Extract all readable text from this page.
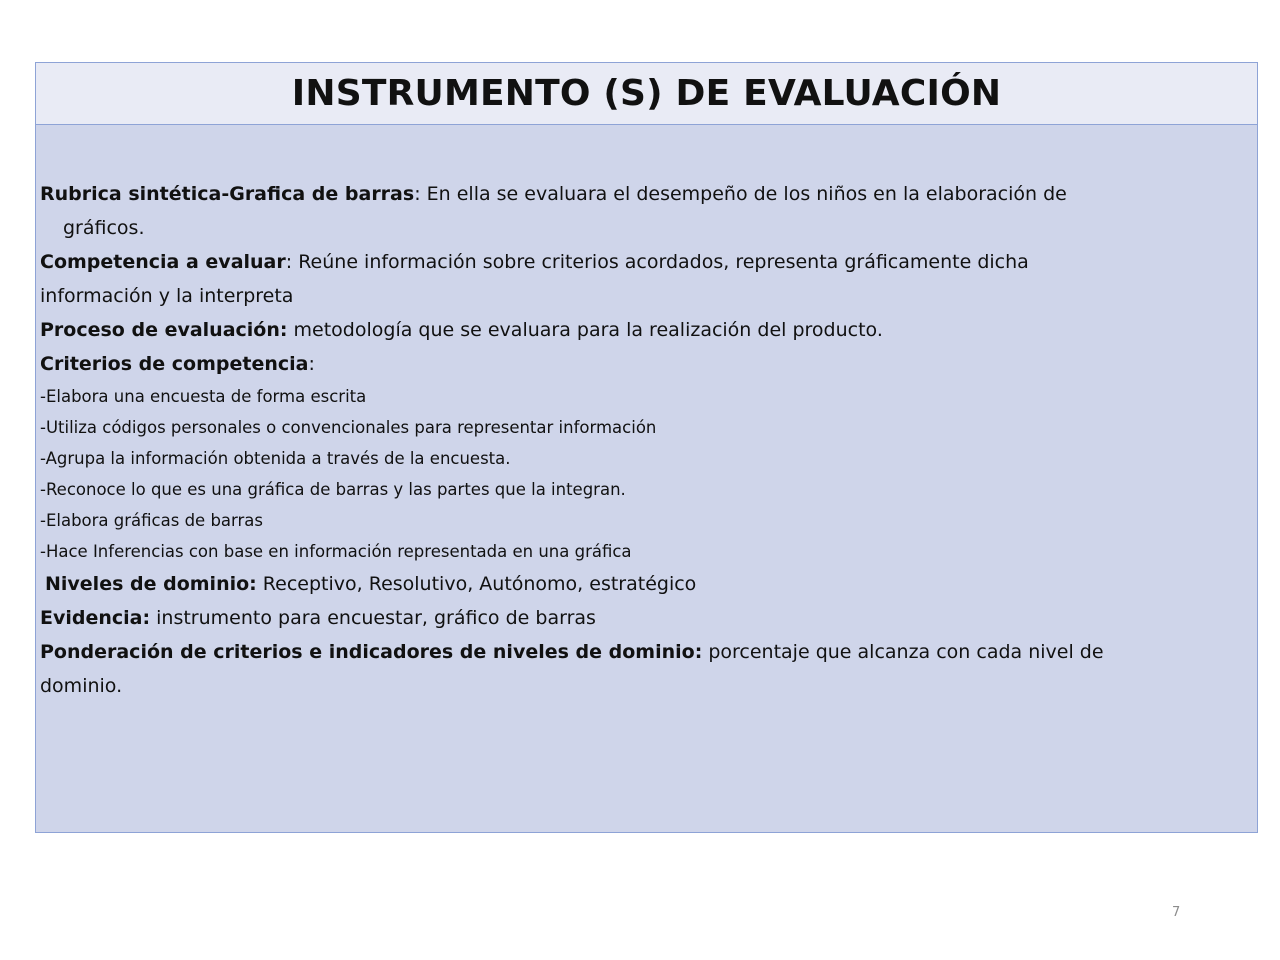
INSTRUMENTO (S) DE EVALUACIÓN

Rubrica sintética-Grafica de barras: En ella se evaluara el desempeño de los niños en la elaboración de

gráficos.

Competencia a evaluar: Reúne información sobre criterios acordados, representa gráficamente dicha

información y la interpreta

Proceso de evaluación: metodología que se evaluara para la realización del producto.

Criterios de competencia:

-Elabora una encuesta de forma escrita

-Utiliza códigos personales o convencionales para representar información

-Agrupa la información obtenida a través de la encuesta.

-Reconoce lo que es una gráfica de barras y las partes que la integran.

-Elabora gráficas de barras

-Hace Inferencias con base en información representada en una gráfica

Niveles de dominio: Receptivo, Resolutivo, Autónomo, estratégico

Evidencia: instrumento para encuestar, gráfico de barras

Ponderación de criterios e indicadores de niveles de dominio: porcentaje que alcanza con cada nivel de

dominio.

7
